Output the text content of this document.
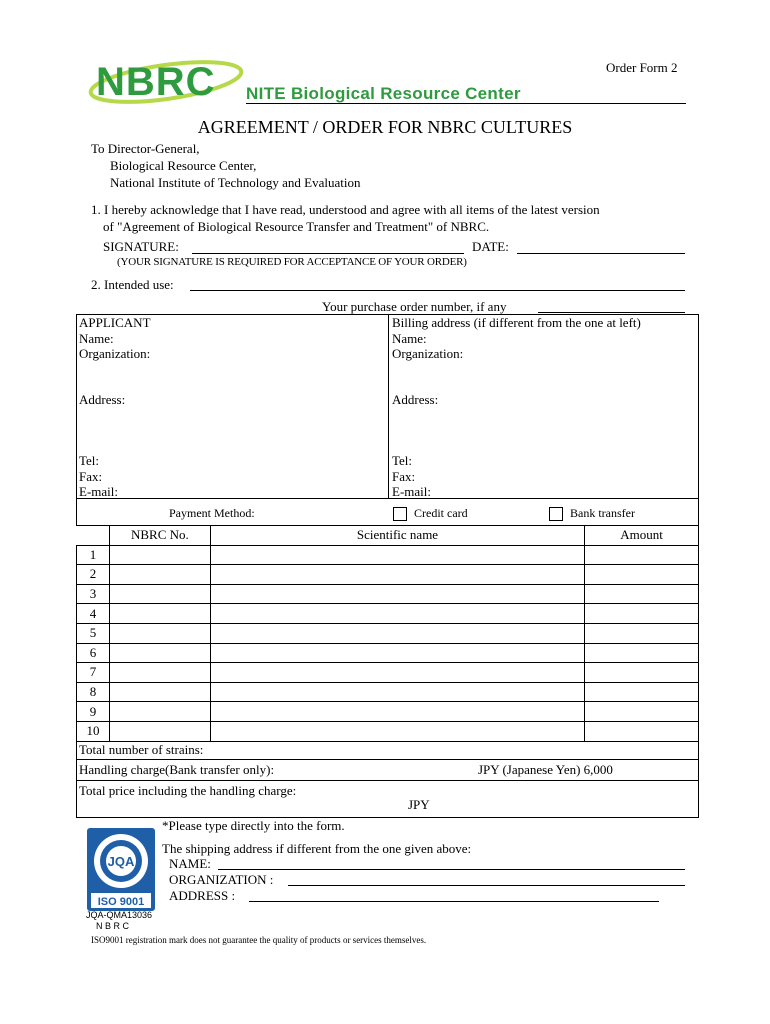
Order Form 2
NBRC NITE Biological Resource Center
AGREEMENT / ORDER FOR NBRC CULTURES
To Director-General,
Biological Resource Center,
National Institute of Technology and Evaluation
1. I hereby acknowledge that I have read, understood and agree with all items of the latest version
of "Agreement of Biological Resource Transfer and Treatment" of NBRC.
SIGNATURE:	DATE:
(YOUR SIGNATURE IS REQUIRED FOR ACCEPTANCE OF YOUR ORDER)
2. Intended use:
Your purchase order number, if any
APPLICANT
Name:
Organization:
Address:
Tel:
Fax:
E-mail:
Billing address (if different from the one at left)
Name:
Organization:
Address:
Tel:
Fax:
E-mail:
Payment Method:	Credit card	Bank transfer
	NBRC No.	Scientific name	Amount
1			
2			
3			
4			
5			
6			
7			
8			
9			
10			
Total number of strains:
Handling charge(Bank transfer only):	JPY (Japanese Yen) 6,000
Total price including the handling charge:
JPY
JQA
ISO 9001
JQA-QMA13036
N B R C
ISO9001 registration mark does not guarantee the quality of products or services themselves.
*Please type directly into the form.
The shipping address if different from the one given above:
NAME:
ORGANIZATION :
ADDRESS :
